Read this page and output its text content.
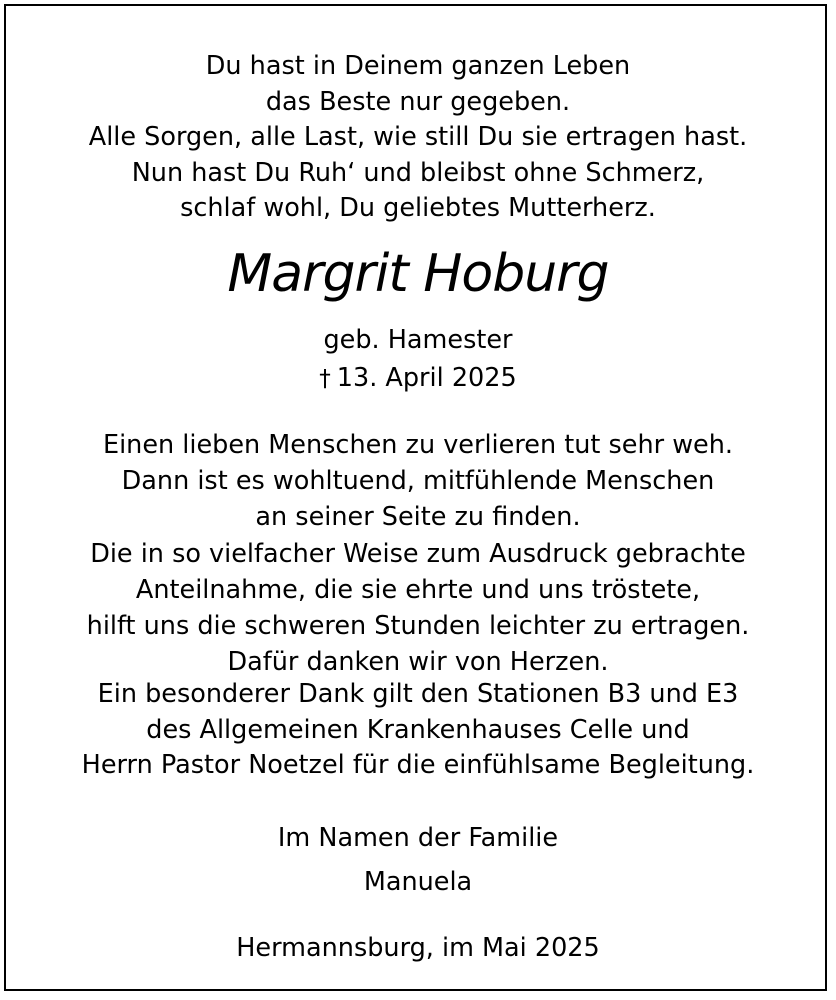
Du hast in Deinem ganzen Leben
das Beste nur gegeben.
Alle Sorgen, alle Last, wie still Du sie ertragen hast.
Nun hast Du Ruh‘ und bleibst ohne Schmerz,
schlaf wohl, Du geliebtes Mutterherz.
Margrit Hoburg
geb. Hamester
† 13. April 2025
Einen lieben Menschen zu verlieren tut sehr weh.
Dann ist es wohltuend, mitfühlende Menschen
an seiner Seite zu finden.
Die in so vielfacher Weise zum Ausdruck gebrachte
Anteilnahme, die sie ehrte und uns tröstete,
hilft uns die schweren Stunden leichter zu ertragen.
Dafür danken wir von Herzen.
Ein besonderer Dank gilt den Stationen B3 und E3
des Allgemeinen Krankenhauses Celle und
Herrn Pastor Noetzel für die einfühlsame Begleitung.
Im Namen der Familie
Manuela
Hermannsburg, im Mai 2025
